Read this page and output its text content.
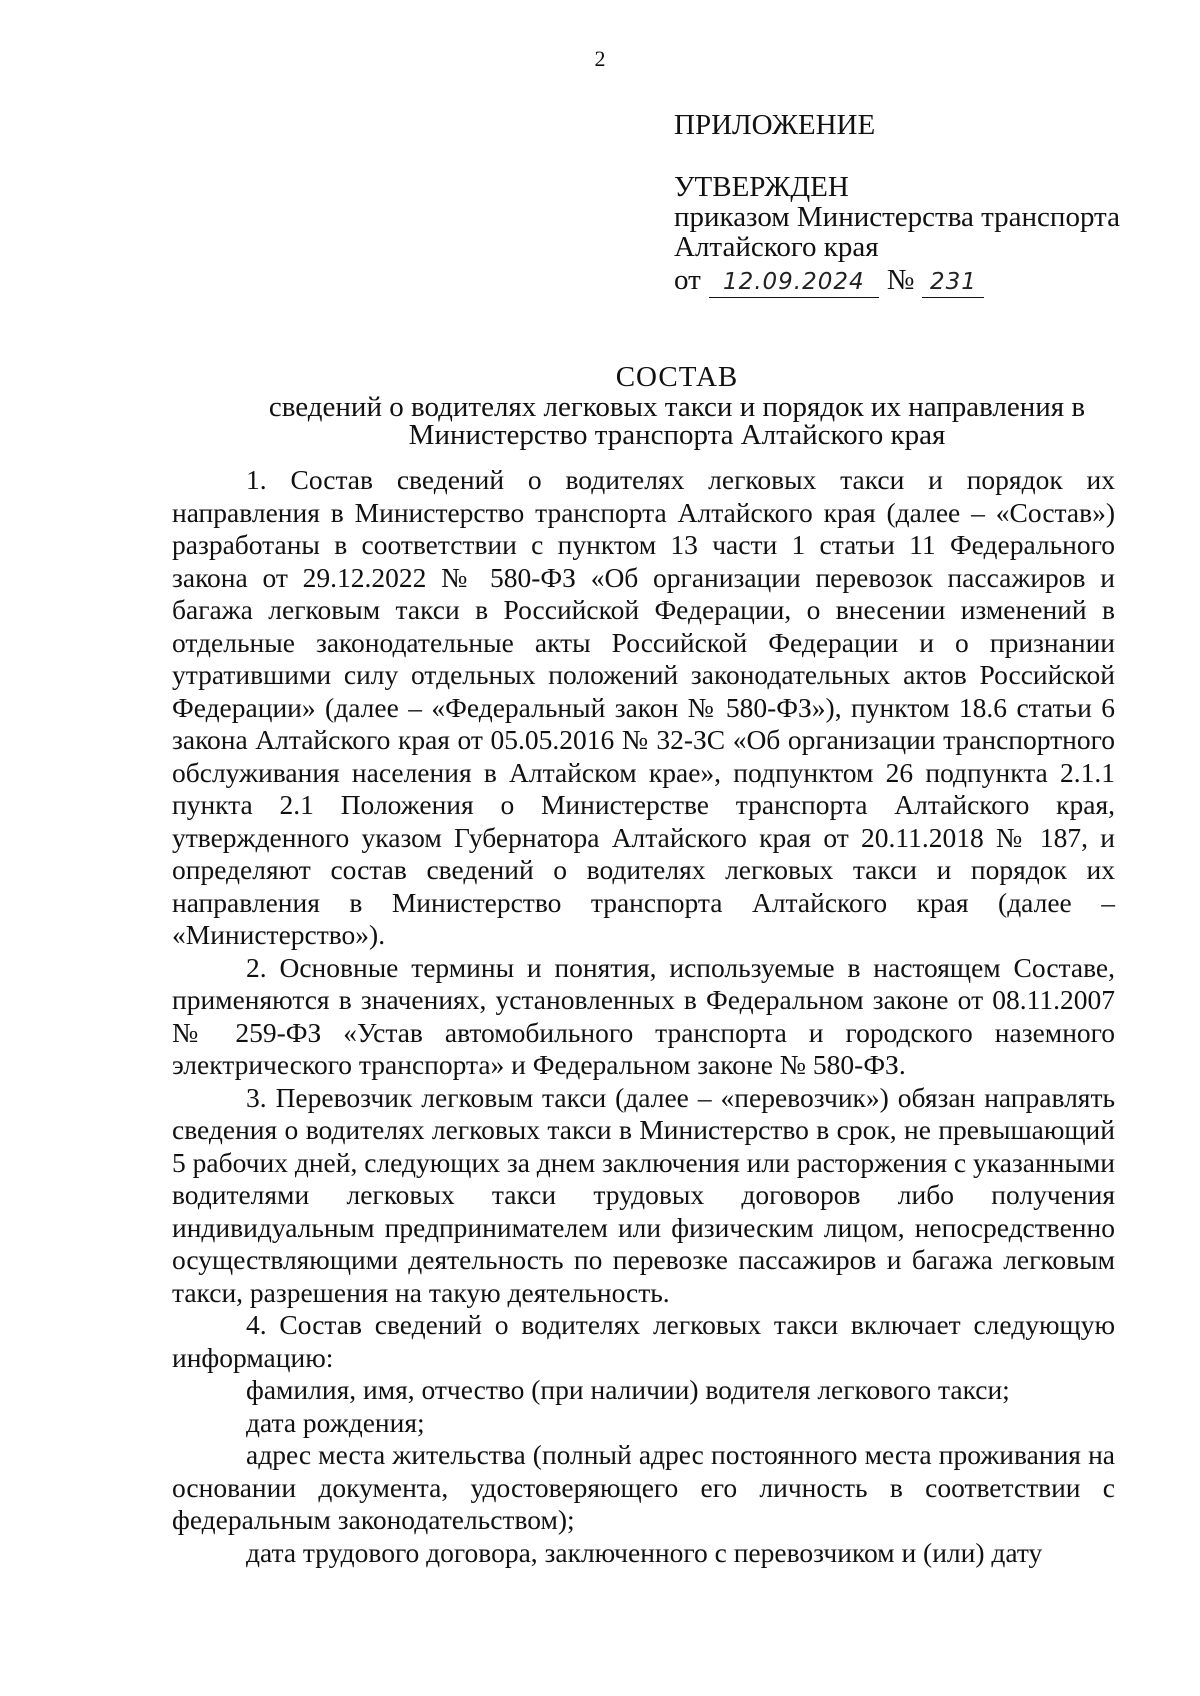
2
ПРИЛОЖЕНИЕ
УТВЕРЖДЕН
приказом Министерства транспорта
Алтайского края
от 12.09.2024 № 231
СОСТАВ
сведений о водителях легковых такси и порядок их направления в
Министерство транспорта Алтайского края

1. Состав сведений о водителях легковых такси и порядок их направления в Министерство транспорта Алтайского края (далее – «Состав») разработаны в соответствии с пунктом 13 части 1 статьи 11 Федерального закона от 29.12.2022 № 580-ФЗ «Об организации перевозок пассажиров и багажа легковым такси в Российской Федерации, о внесении изменений в отдельные законодательные акты Российской Федерации и о признании утратившими силу отдельных положений законодательных актов Российской Федерации» (далее – «Федеральный закон № 580-ФЗ»), пунктом 18.6 статьи 6 закона Алтайского края от 05.05.2016 № 32-ЗС «Об организации транспортного обслуживания населения в Алтайском крае», подпунктом 26 подпункта 2.1.1 пункта 2.1 Положения о Министерстве транспорта Алтайского края, утвержденного указом Губернатора Алтайского края от 20.11.2018 № 187, и определяют состав сведений о водителях легковых такси и порядок их направления в Министерство транспорта Алтайского края (далее – «Министерство»).

2. Основные термины и понятия, используемые в настоящем Составе, применяются в значениях, установленных в Федеральном законе от 08.11.2007 № 259-ФЗ «Устав автомобильного транспорта и городского наземного электрического транспорта» и Федеральном законе № 580-ФЗ.

3. Перевозчик легковым такси (далее – «перевозчик») обязан направлять сведения о водителях легковых такси в Министерство в срок, не превышающий 5 рабочих дней, следующих за днем заключения или расторжения с указанными водителями легковых такси трудовых договоров либо получения индивидуальным предпринимателем или физическим лицом, непосредственно осуществляющими деятельность по перевозке пассажиров и багажа легковым такси, разрешения на такую деятельность.

4. Состав сведений о водителях легковых такси включает следующую информацию:

фамилия, имя, отчество (при наличии) водителя легкового такси;

дата рождения;

адрес места жительства (полный адрес постоянного места проживания на основании документа, удостоверяющего его личность в соответствии с федеральным законодательством);

дата трудового договора, заключенного с перевозчиком и (или) дату
